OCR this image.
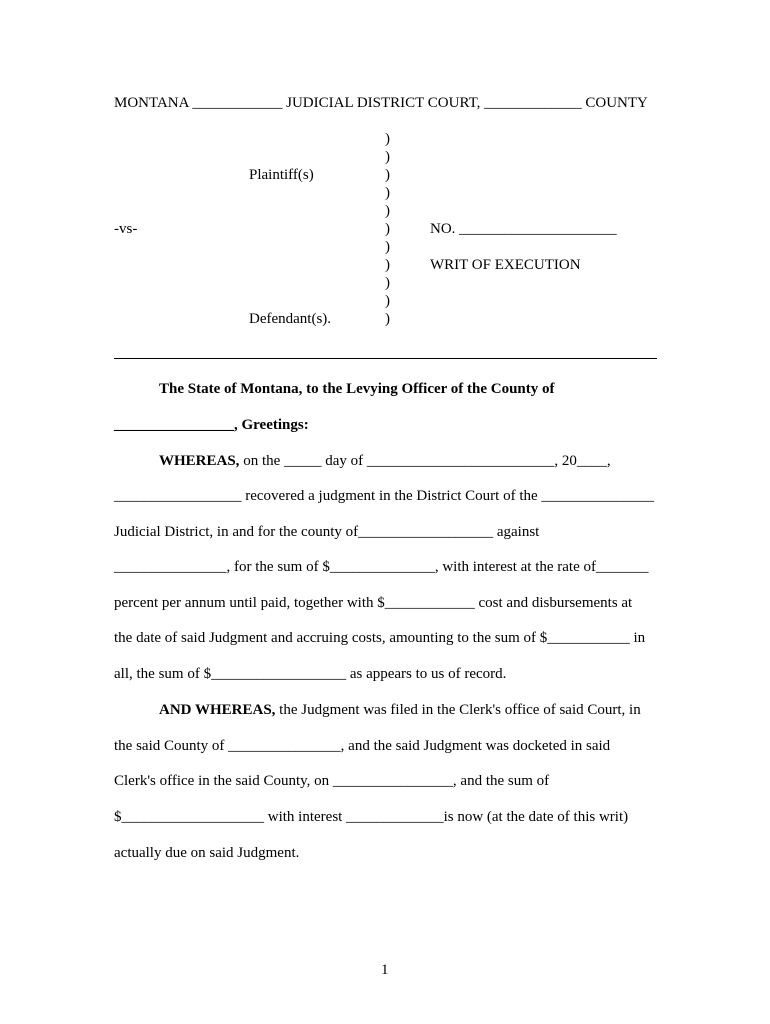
MONTANA ____________ JUDICIAL DISTRICT COURT, _____________ COUNTY
)
)
)
)
)
)
)
)
)
)
)
Plaintiff(s)
-vs-
Defendant(s).
NO. _____________________
WRIT OF EXECUTION
The State of Montana, to the Levying Officer of the County of
________________, Greetings:
WHEREAS, on the _____ day of _________________________, 20____,
_________________ recovered a judgment in the District Court of the _______________
Judicial District, in and for the county of__________________ against
_______________, for the sum of $______________, with interest at the rate of_______
percent per annum until paid, together with $____________ cost and disbursements at
the date of said Judgment and accruing costs, amounting to the sum of $___________ in
all, the sum of $__________________ as appears to us of record.
AND WHEREAS, the Judgment was filed in the Clerk's office of said Court, in
the said County of _______________, and the said Judgment was docketed in said
Clerk's office in the said County, on ________________, and the sum of
$___________________ with interest _____________is now (at the date of this writ)
actually due on said Judgment.
1
